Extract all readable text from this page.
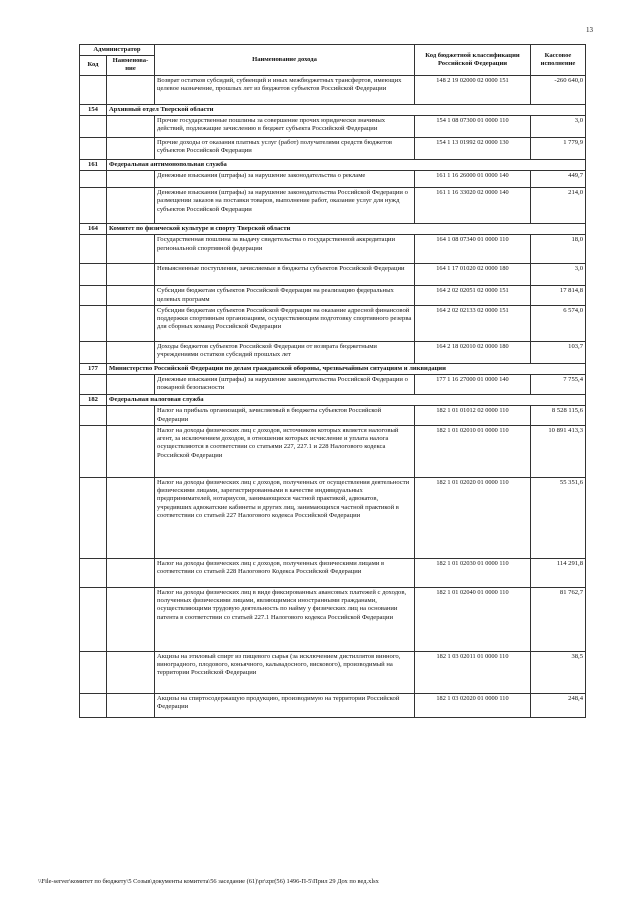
13
Администратор		Наименование дохода	Код бюджетной классификации Российской Федерации	Кассовое исполнение
Код	Наименова-ние			
		Возврат остатков субсидий, субвенций и иных межбюджетных трансфертов, имеющих целевое назначение, прошлых лет из бюджетов субъектов Российской Федерации	148 2 19 02000 02 0000 151	-260 640,0
154	Архивный отдел Тверской области			
		Прочие государственные пошлины за совершение прочих юридически значимых действий, подлежащие зачислению в бюджет субъекта Российской Федерации	154 1 08 07300 01 0000 110	3,0
		Прочие доходы от оказания платных услуг (работ) получателями средств бюджетов субъектов Российской Федерации	154 1 13 01992 02 0000 130	1 779,9
161	Федеральная антимонопольная служба			
		Денежные взыскания (штрафы) за нарушение законодательства о рекламе	161 1 16 26000 01 0000 140	449,7
		Денежные взыскания (штрафы) за нарушение законодательства Российской Федерации о размещении заказов на поставки товаров, выполнение работ, оказание услуг для нужд субъектов Российской Федерации	161 1 16 33020 02 0000 140	214,0
164	Комитет по физической культуре и спорту Тверской области			
		Государственная пошлина за выдачу свидетельства о государственной аккредитации региональной спортивной федерации	164 1 08 07340 01 0000 110	18,0
		Невыясненные поступления, зачисляемые в бюджеты субъектов Российской Федерации	164 1 17 01020 02 0000 180	3,0
		Субсидии бюджетам субъектов Российской Федерации на реализацию федеральных целевых программ	164 2 02 02051 02 0000 151	17 814,8
		Субсидии бюджетам субъектов Российской Федерации на оказание адресной финансовой поддержки спортивным организациям, осуществляющим подготовку спортивного резерва для сборных команд Российской Федерации	164 2 02 02133 02 0000 151	6 574,0
		Доходы бюджетов субъектов Российской Федерации от возврата бюджетными учреждениями остатков субсидий прошлых лет	164 2 18 02010 02 0000 180	103,7
177	Министерство Российской Федерации по делам гражданской обороны, чрезвычайным ситуациям и ликвидации			
		Денежные взыскания (штрафы) за нарушение законодательства Российской Федерации о пожарной безопасности	177 1 16 27000 01 0000 140	7 755,4
182	Федеральная налоговая служба			
		Налог на прибыль организаций, зачисляемый в бюджеты субъектов Российской Федерации	182 1 01 01012 02 0000 110	8 528 115,6
		Налог на доходы физических лиц с доходов, источником которых является налоговый агент, за исключением доходов, в отношении которых исчисление и уплата налога осуществляются в соответствии со статьями 227, 227.1 и 228 Налогового кодекса Российской Федерации	182 1 01 02010 01 0000 110	10 891 413,3
		Налог на доходы физических лиц с доходов, полученных от осуществления деятельности физическими лицами, зарегистрированными в качестве индивидуальных предпринимателей, нотариусов, занимающихся частной практикой, адвокатов, учредивших адвокатские кабинеты и других лиц, занимающихся частной практикой в соответствии со статьей 227 Налогового кодекса Российской Федерации	182 1 01 02020 01 0000 110	55 351,6
		Налог на доходы физических лиц с доходов, полученных физическими лицами в соответствии со статьей 228 Налогового Кодекса Российской Федерации	182 1 01 02030 01 0000 110	114 291,8
		Налог на доходы физических лиц в виде фиксированных авансовых платежей с доходов, полученных физическими лицами, являющимися иностранными гражданами, осуществляющими трудовую деятельность по найму у физических лиц на основании патента в соответствии со статьей 227.1 Налогового кодекса Российской Федерации	182 1 01 02040 01 0000 110	81 762,7
		Акцизы на этиловый спирт из пищевого сырья (за исключением дистиллятов винного, виноградного, плодового, коньячного, кальвадосного, вискового), производимый на территории Российской Федерации	182 1 03 02011 01 0000 110	38,5
		Акцизы на спиртосодержащую продукцию, производимую на территории Российской Федерации	182 1 03 02020 01 0000 110	248,4
\\File-server\комитет по бюджету\5 Созыв\документы комитета\56 заседание (61)\pr\zpr(56) 1496-П-5\Прил 29 Дох по вед.xlsx
